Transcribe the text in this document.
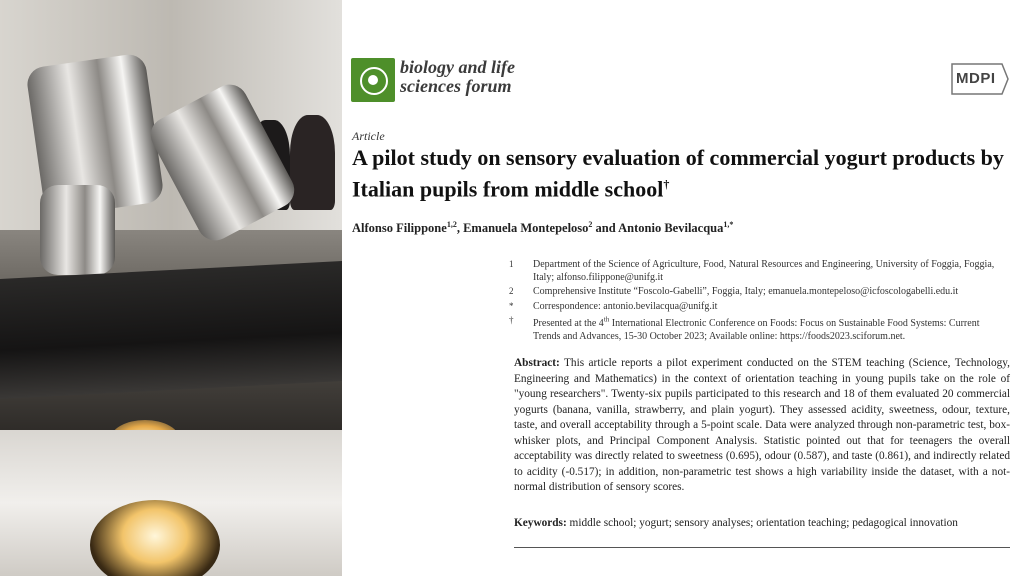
biology and life
sciences forum	MDPI
Article
A pilot study on sensory evaluation of commercial yogurt products by Italian pupils from middle school†
Alfonso Filippone$^{1,2}$, Emanuela Montepeloso$^2$ and Antonio Bevilacqua$^{1,*}$
1 Department of the Science of Agriculture, Food, Natural Resources and Engineering, University of Foggia, Foggia, Italy; alfonso.filippone@unifg.it
2 Comprehensive Institute “Foscolo-Gabelli”, Foggia, Italy; emanuela.montepeloso@icfoscologabelli.edu.it
* Correspondence: antonio.bevilacqua@unifg.it
† Presented at the 4th International Electronic Conference on Foods: Focus on Sustainable Food Systems: Current Trends and Advances, 15-30 October 2023; Available online: https://foods2023.sciforum.net.

Abstract: This article reports a pilot experiment conducted on the STEM teaching (Science, Technology, Engineering and Mathematics) in the context of orientation teaching in young pupils take on the role of "young researchers". Twenty-six pupils participated to this research and 18 of them evaluated 20 commercial yogurts (banana, vanilla, strawberry, and plain yogurt). They assessed acidity, sweetness, odour, texture, taste, and overall acceptability through a 5-point scale. Data were analyzed through non-parametric test, box-whisker plots, and Principal Component Analysis. Statistic pointed out that for teenagers the overall acceptability was directly related to sweetness (0.695), odour (0.587), and taste (0.861), and indirectly related to acidity (-0.517); in addition, non-parametric test shows a high variability inside the dataset, with a not-normal distribution of sensory scores.

Keywords: middle school; yogurt; sensory analyses; orientation teaching; pedagogical innovation
